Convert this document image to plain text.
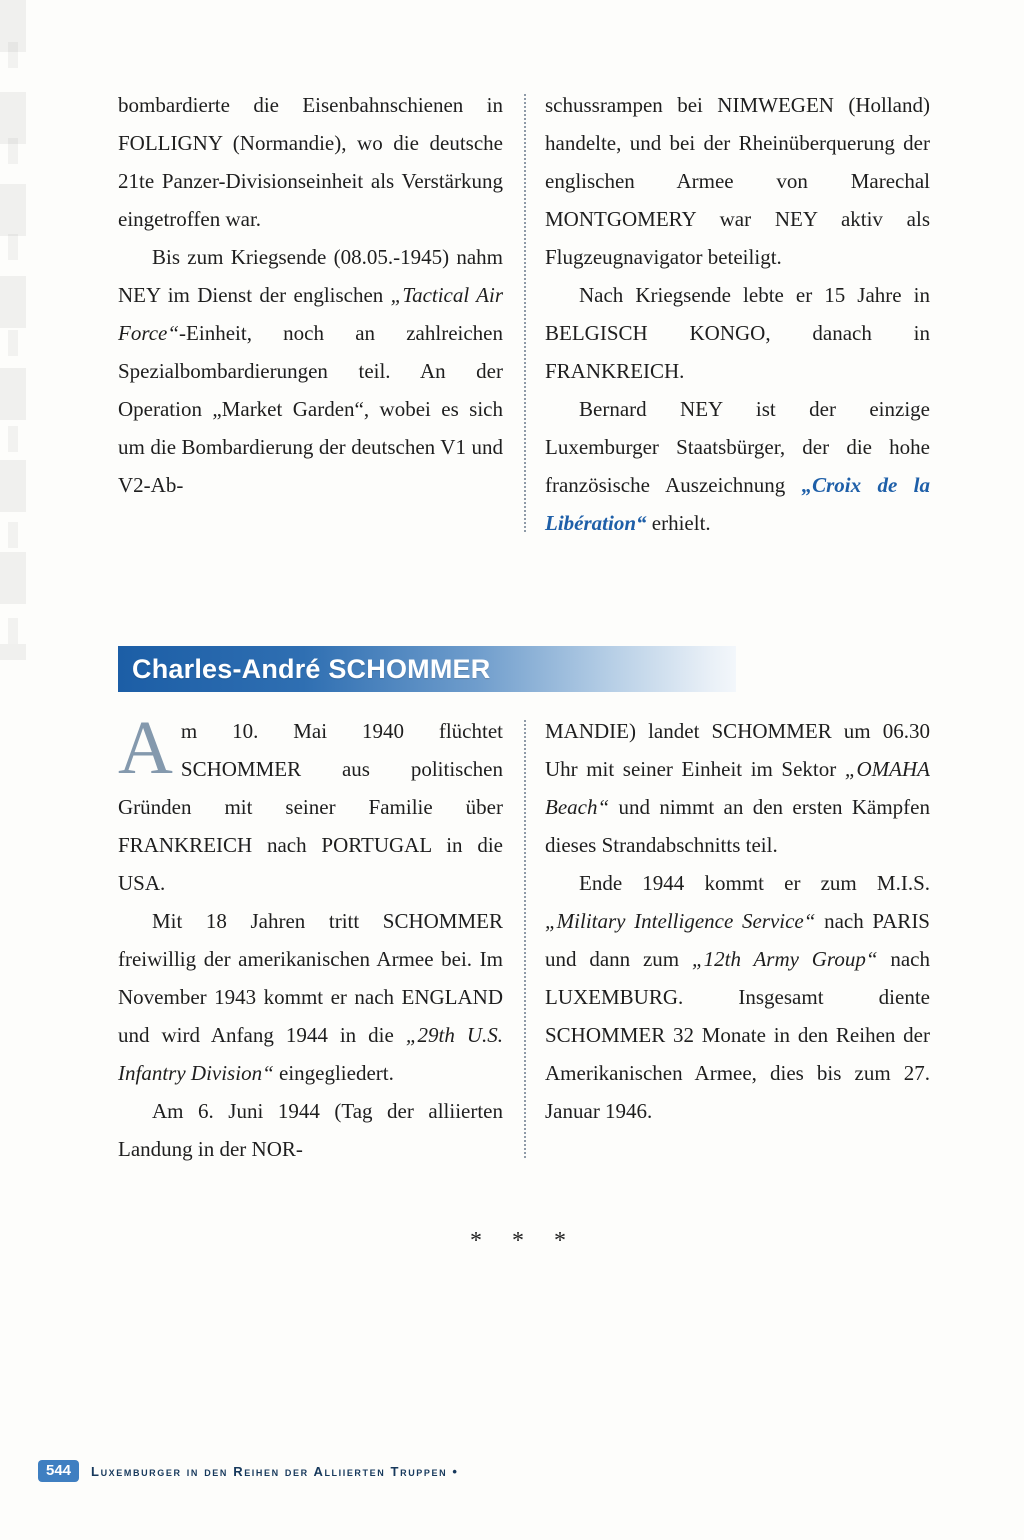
bombardierte die Eisenbahnschienen in FOLLIGNY (Normandie), wo die deutsche 21te Panzer-Divisionseinheit als Verstärkung eingetroffen war.

Bis zum Kriegsende (08.05.-1945) nahm NEY im Dienst der englischen „Tactical Air Force“-Einheit, noch an zahlreichen Spezialbombardierungen teil. An der Operation „Market Garden“, wobei es sich um die Bombardierung der deutschen V1 und V2-Ab-

schussrampen bei NIMWEGEN (Holland) handelte, und bei der Rheinüberquerung der englischen Armee von Marechal MONTGOMERY war NEY aktiv als Flugzeugnavigator beteiligt.

Nach Kriegsende lebte er 15 Jahre in BELGISCH KONGO, danach in FRANKREICH.

Bernard NEY ist der einzige Luxemburger Staatsbürger, der die hohe französische Auszeichnung „Croix de la Libération“ erhielt.

Charles-André SCHOMMER

Am 10. Mai 1940 flüchtet SCHOMMER aus politischen Gründen mit seiner Familie über FRANKREICH nach PORTUGAL in die USA.

Mit 18 Jahren tritt SCHOMMER freiwillig der amerikanischen Armee bei. Im November 1943 kommt er nach ENGLAND und wird Anfang 1944 in die „29th U.S. Infantry Division“ eingegliedert.

Am 6. Juni 1944 (Tag der alliierten Landung in der NOR-

MANDIE) landet SCHOMMER um 06.30 Uhr mit seiner Einheit im Sektor „OMAHA Beach“ und nimmt an den ersten Kämpfen dieses Strandabschnitts teil.

Ende 1944 kommt er zum M.I.S. „Military Intelligence Service“ nach PARIS und dann zum „12th Army Group“ nach LUXEMBURG. Insgesamt diente SCHOMMER 32 Monate in den Reihen der Amerikanischen Armee, dies bis zum 27. Januar 1946.

* * *
544	Luxemburger in den Reihen der Alliierten Truppen •
